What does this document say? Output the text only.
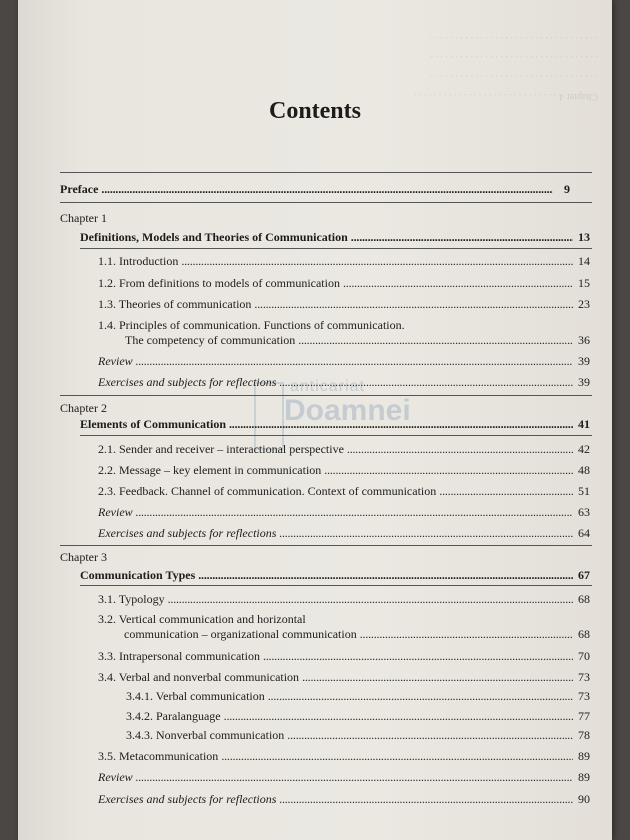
Chapter 4 . . . . . . . . . . . . . . . . . . . . . . . . . . . . .
. . . . . . . . . . . . . . . . . . . . . . . . . . . . . . . . . .
. . . . . . . . . . . . . . . . . . . . . . . . . . . . . . . . . .
. . . . . . . . . . . . . . . . . . . . . . . . . . . . . . . . . .
anticariat
Doamnei
Contents
Preface . . .	9
Chapter 1
Definitions, Models and Theories of Communication . . .	13
1.1. Introduction . . .	14
1.2. From definitions to models of communication . . .	15
1.3. Theories of communication . . .	23
1.4. Principles of communication. Functions of communication.
The competency of communication . . .	36
Review . . .	39
Exercises and subjects for reflections . . .	39
Chapter 2
Elements of Communication . . .	41
2.1. Sender and receiver – interactional perspective . . .	42
2.2. Message – key element in communication . . .	48
2.3. Feedback. Channel of communication. Context of communication . . .	51
Review . . .	63
Exercises and subjects for reflections . . .	64
Chapter 3
Communication Types . . .	67
3.1. Typology . . .	68
3.2. Vertical communication and horizontal
communication – organizational communication . . .	68
3.3. Intrapersonal communication . . .	70
3.4. Verbal and nonverbal communication . . .	73
3.4.1. Verbal communication . . .	73
3.4.2. Paralanguage . . .	77
3.4.3. Nonverbal communication . . .	78
3.5. Metacommunication . . .	89
Review . . .	89
Exercises and subjects for reflections . . .	90
